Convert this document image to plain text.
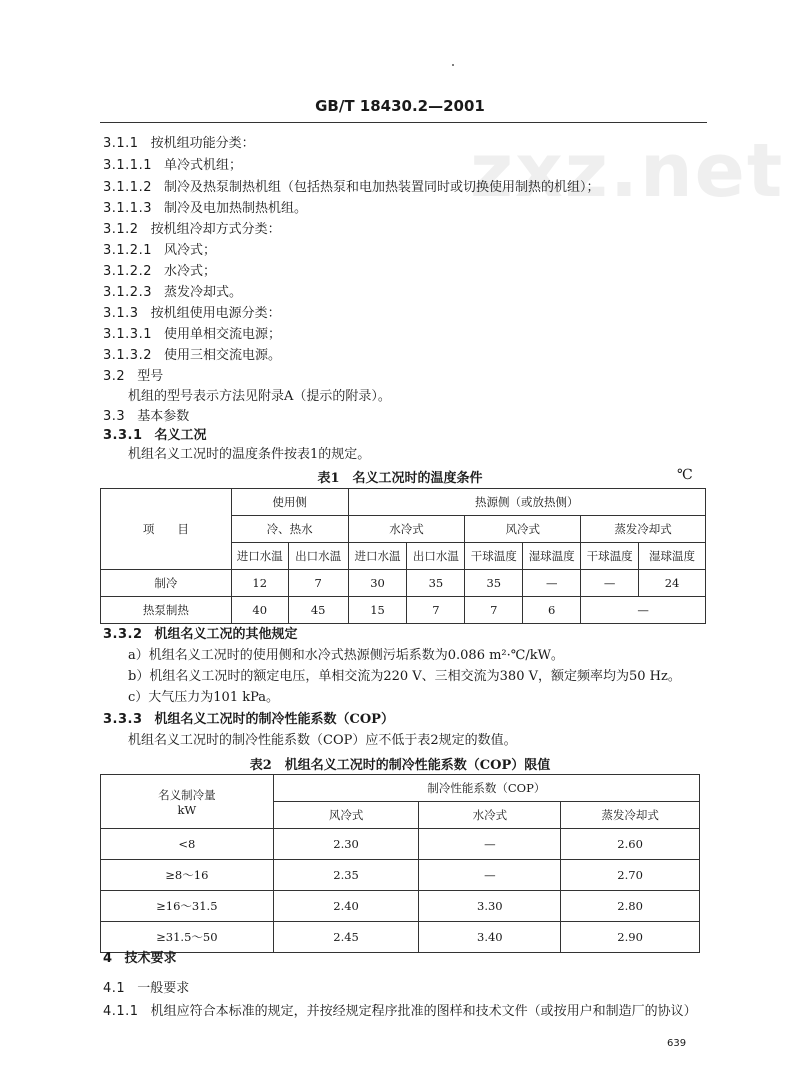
zxz.net
GB/T 18430.2—2001
3.1.1 按机组功能分类：
3.1.1.1 单冷式机组；
3.1.1.2 制冷及热泵制热机组（包括热泵和电加热装置同时或切换使用制热的机组）；
3.1.1.3 制冷及电加热制热机组。
3.1.2 按机组冷却方式分类：
3.1.2.1 风冷式；
3.1.2.2 水冷式；
3.1.2.3 蒸发冷却式。
3.1.3 按机组使用电源分类：
3.1.3.1 使用单相交流电源；
3.1.3.2 使用三相交流电源。
3.2 型号
机组的型号表示方法见附录A（提示的附录）。
3.3 基本参数
3.3.1 名义工况
机组名义工况时的温度条件按表1的规定。
表1　名义工况时的温度条件	℃
项　　目	使用侧		热源侧（或放热侧）					
	冷、热水		水冷式		风冷式		蒸发冷却式	
	进口水温	出口水温	进口水温	出口水温	干球温度	湿球温度	干球温度	湿球温度
制冷	12	7	30	35	35	—	—	24
热泵制热	40	45	15	7	7	6	—	
3.3.2 机组名义工况的其他规定
a）机组名义工况时的使用侧和水冷式热源侧污垢系数为0.086 m²·℃/kW。
b）机组名义工况时的额定电压，单相交流为220 V、三相交流为380 V，额定频率均为50 Hz。
c）大气压力为101 kPa。
3.3.3 机组名义工况时的制冷性能系数（COP）
机组名义工况时的制冷性能系数（COP）应不低于表2规定的数值。
表2　机组名义工况时的制冷性能系数（COP）限值
名义制冷量
kW	制冷性能系数（COP）		
	风冷式	水冷式	蒸发冷却式
<8	2.30	—	2.60
≥8～16	2.35	—	2.70
≥16～31.5	2.40	3.30	2.80
≥31.5～50	2.45	3.40	2.90
4 技术要求
4.1 一般要求
4.1.1 机组应符合本标准的规定，并按经规定程序批准的图样和技术文件（或按用户和制造厂的协议）
639
